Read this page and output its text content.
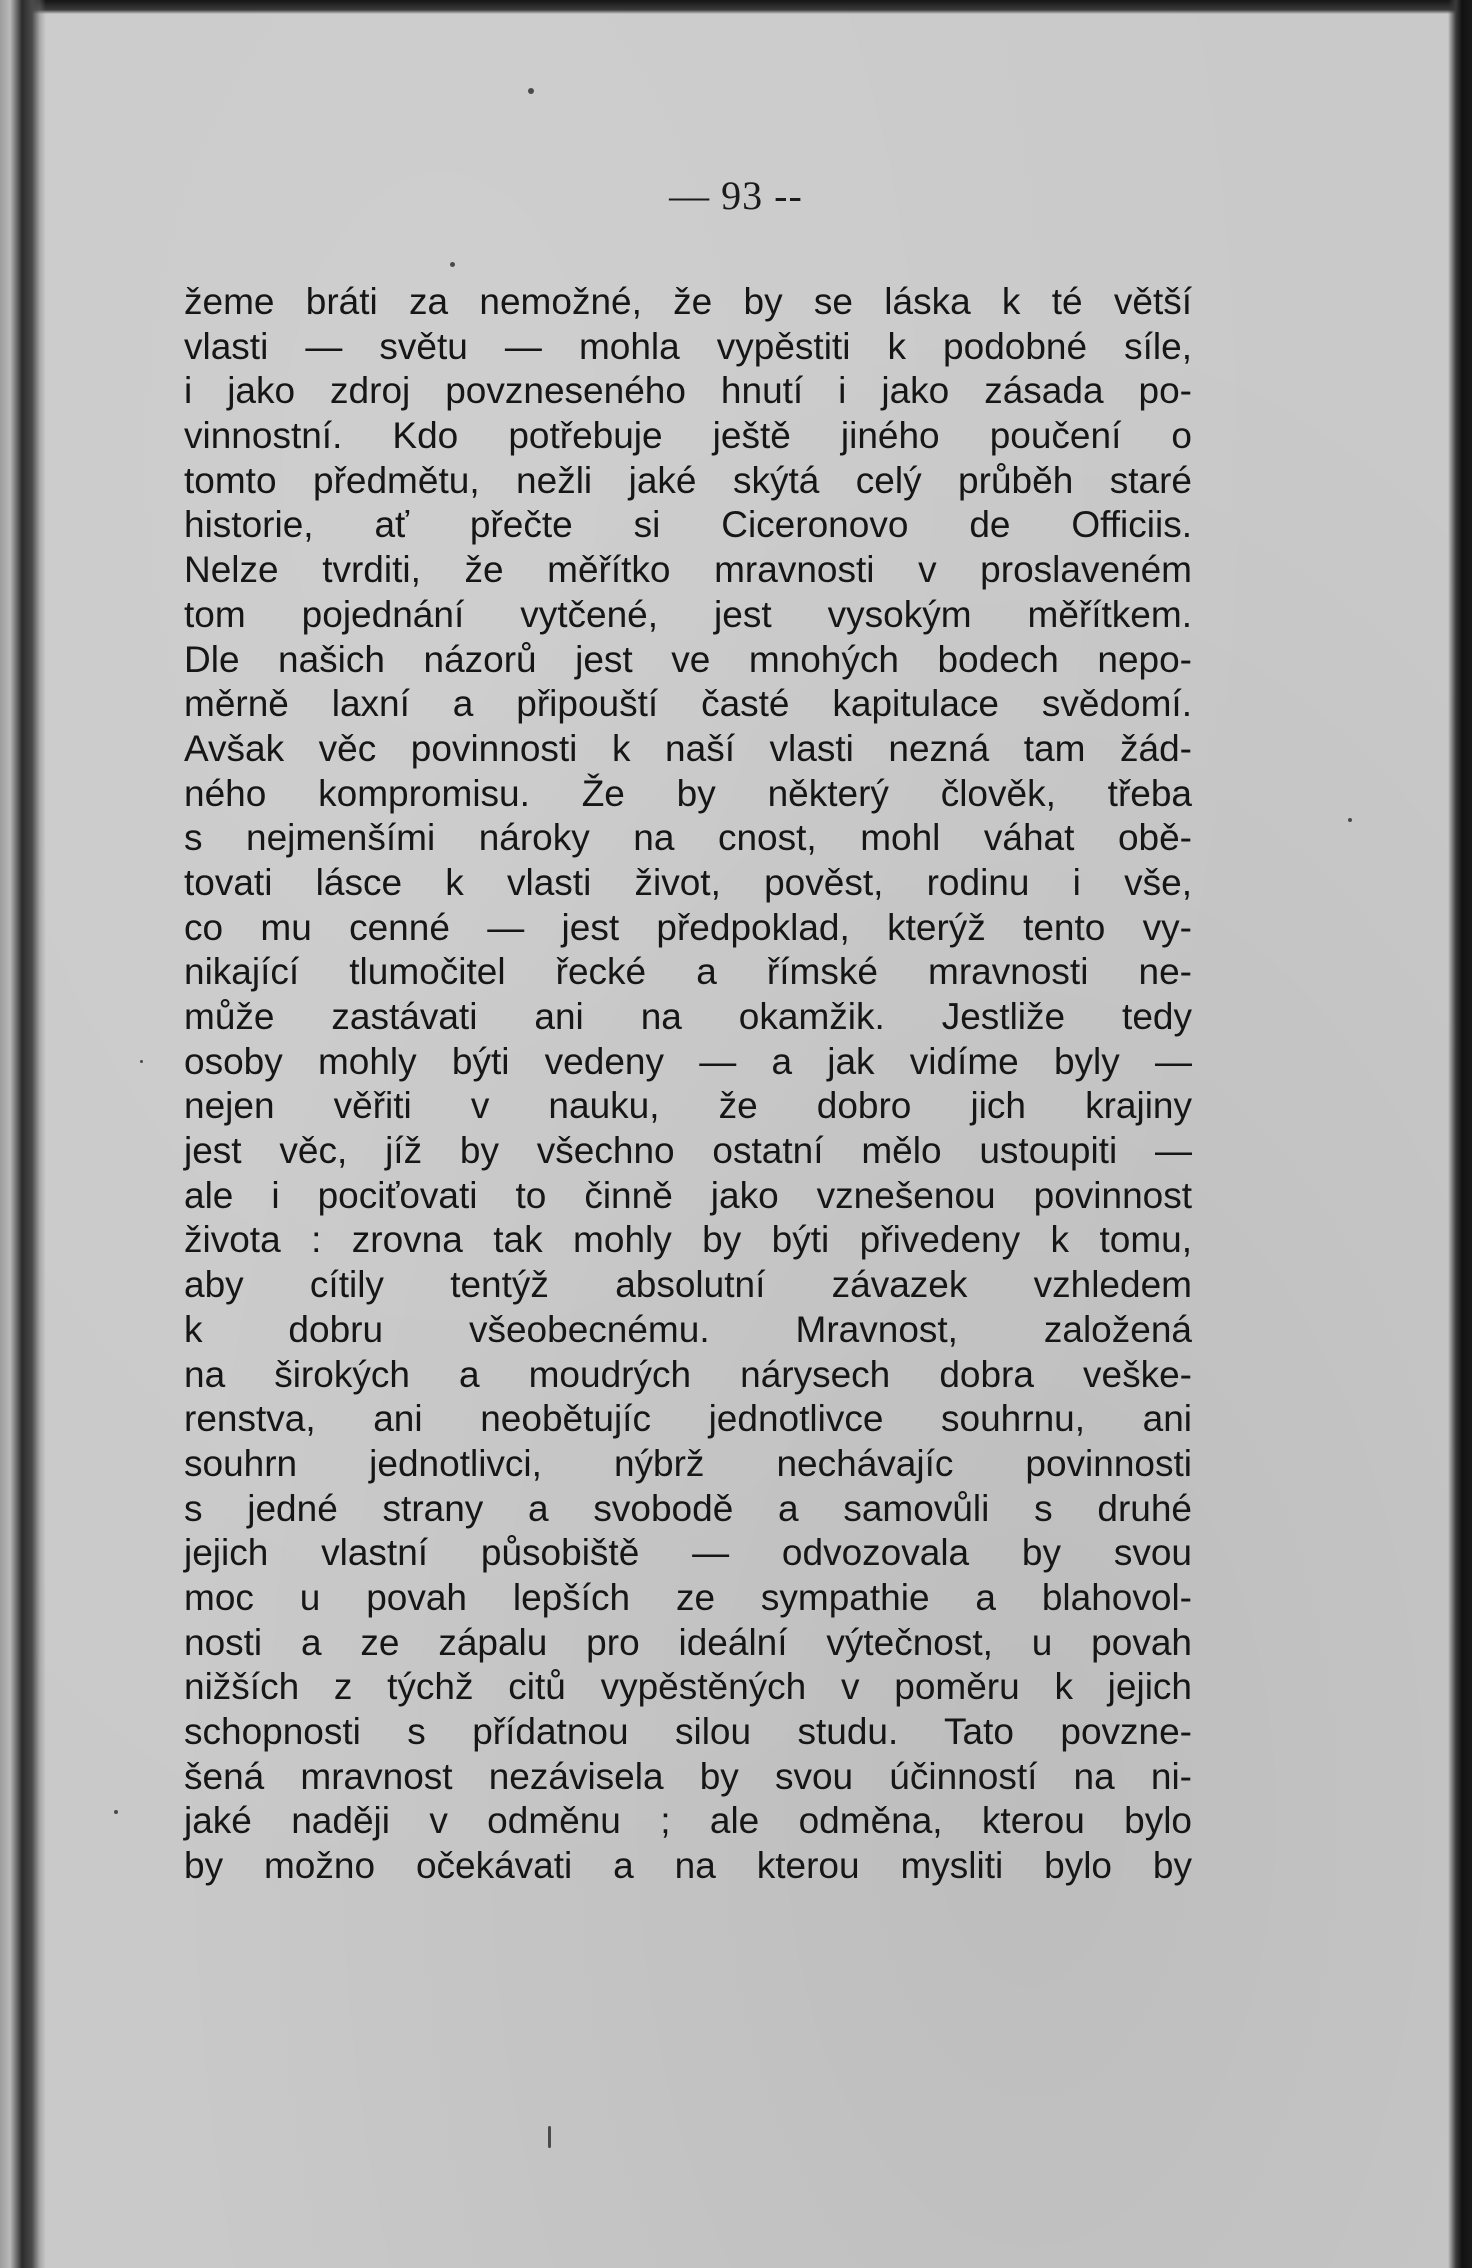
— 93 --

žeme bráti za nemožné, že by se láska k té větší
vlasti — světu — mohla vypěstiti k podobné síle,
i jako zdroj povzneseného hnutí i jako zásada po-
vinnostní. Kdo potřebuje ještě jiného poučení o
tomto předmětu, nežli jaké skýtá celý průběh staré
historie, ať přečte si Ciceronovo de Officiis.
Nelze tvrditi, že měřítko mravnosti v proslaveném
tom pojednání vytčené, jest vysokým měřítkem.
Dle našich názorů jest ve mnohých bodech nepo-
měrně laxní a připouští časté kapitulace svědomí.
Avšak věc povinnosti k naší vlasti nezná tam žád-
ného kompromisu. Že by některý člověk, třeba
s nejmenšími nároky na cnost, mohl váhat obě-
tovati lásce k vlasti život, pověst, rodinu i vše,
co mu cenné — jest předpoklad, kterýž tento vy-
nikající tlumočitel řecké a římské mravnosti ne-
může zastávati ani na okamžik. Jestliže tedy
osoby mohly býti vedeny — a jak vidíme byly —
nejen věřiti v nauku, že dobro jich krajiny
jest věc, jíž by všechno ostatní mělo ustoupiti —
ale i pociťovati to činně jako vznešenou povinnost
života : zrovna tak mohly by býti přivedeny k tomu,
aby cítily tentýž absolutní závazek vzhledem
k dobru všeobecnému. Mravnost, založená
na širokých a moudrých nárysech dobra veške-
renstva, ani neobětujíc jednotlivce souhrnu, ani
souhrn jednotlivci, nýbrž nechávajíc povinnosti
s jedné strany a svobodě a samovůli s druhé
jejich vlastní působiště — odvozovala by svou
moc u povah lepších ze sympathie a blahovol-
nosti a ze zápalu pro ideální výtečnost, u povah
nižších z týchž citů vypěstěných v poměru k jejich
schopnosti s přídatnou silou studu. Tato povzne-
šená mravnost nezávisela by svou účinností na ni-
jaké naději v odměnu ; ale odměna, kterou bylo
by možno očekávati a na kterou mysliti bylo by
